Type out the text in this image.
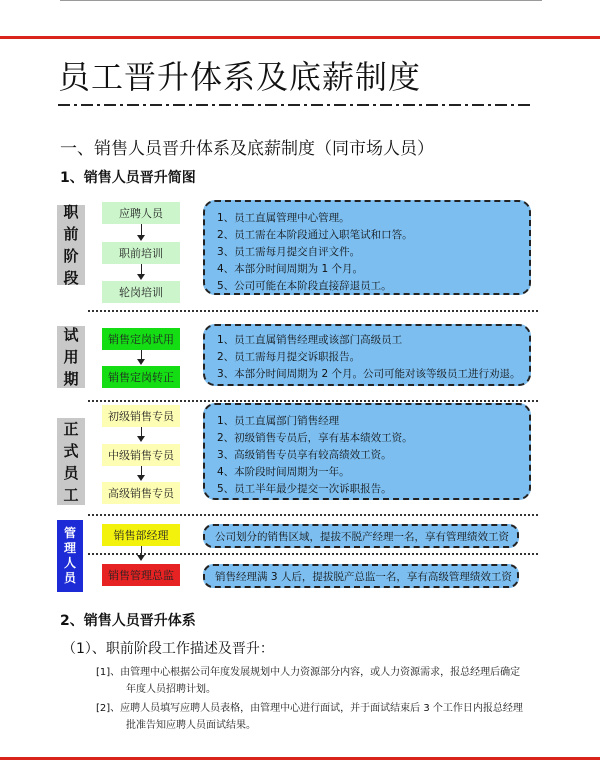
员工晋升体系及底薪制度
一、销售人员晋升体系及底薪制度（同市场人员）
1、销售人员晋升简图
职
前
阶
段
试
用
期
正
式
员
工
管
理
人
员
应聘人员
职前培训
轮岗培训
1、员工直属管理中心管理。
2、员工需在本阶段通过入职笔试和口答。
3、员工需每月提交自评文件。
4、本部分时间周期为 1 个月。
5、公司可能在本阶段直接辞退员工。
销售定岗试用
销售定岗转正
1、员工直属销售经理或该部门高级员工
2、员工需每月提交诉职报告。
3、本部分时间周期为 2 个月。公司可能对该等级员工进行劝退。
初级销售专员
中级销售专员
高级销售专员
1、员工直属部门销售经理
2、初级销售专员后，享有基本绩效工资。
3、高级销售专员享有较高绩效工资。
4、本阶段时间周期为一年。
5、员工半年最少提交一次诉职报告。
销售部经理
销售管理总监
公司划分的销售区域，提拔不脱产经理一名，享有管理绩效工资
销售经理满 3 人后，提拔脱产总监一名，享有高级管理绩效工资
2、销售人员晋升体系
（1）、职前阶段工作描述及晋升：
[1]、由管理中心根据公司年度发展规划中人力资源部分内容，或人力资源需求，报总经理后确定
年度人员招聘计划。
[2]、应聘人员填写应聘人员表格，由管理中心进行面试，并于面试结束后 3 个工作日内报总经理
批准告知应聘人员面试结果。
